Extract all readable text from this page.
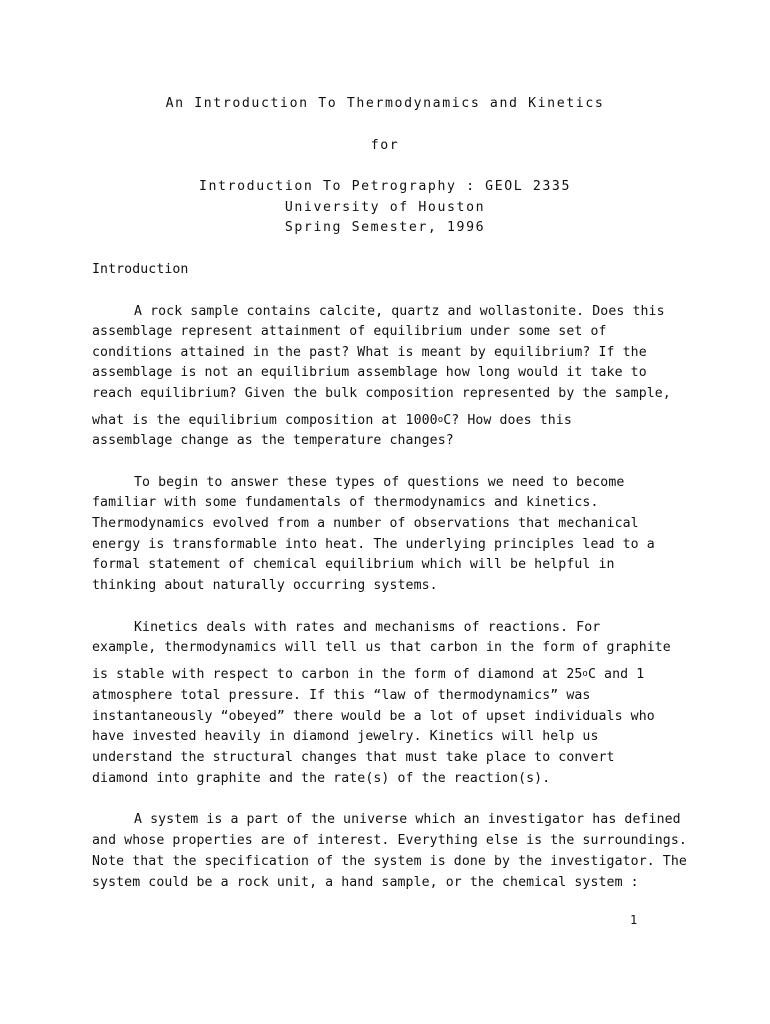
An Introduction To Thermodynamics and Kinetics
for
Introduction To Petrography : GEOL 2335
University of Houston
Spring Semester, 1996
Introduction
A rock sample contains calcite, quartz and wollastonite. Does this
assemblage represent attainment of equilibrium under some set of
conditions attained in the past? What is meant by equilibrium? If the
assemblage is not an equilibrium assemblage how long would it take to
reach equilibrium? Given the bulk composition represented by the sample,
what is the equilibrium composition at 1000$^o$C? How does this
assemblage change as the temperature changes?
To begin to answer these types of questions we need to become
familiar with some fundamentals of thermodynamics and kinetics.
Thermodynamics evolved from a number of observations that mechanical
energy is transformable into heat. The underlying principles lead to a
formal statement of chemical equilibrium which will be helpful in
thinking about naturally occurring systems.
Kinetics deals with rates and mechanisms of reactions. For
example, thermodynamics will tell us that carbon in the form of graphite
is stable with respect to carbon in the form of diamond at 25$^o$C and 1
atmosphere total pressure. If this “law of thermodynamics” was
instantaneously “obeyed” there would be a lot of upset individuals who
have invested heavily in diamond jewelry. Kinetics will help us
understand the structural changes that must take place to convert
diamond into graphite and the rate(s) of the reaction(s).
A system is a part of the universe which an investigator has defined
and whose properties are of interest. Everything else is the surroundings.
Note that the specification of the system is done by the investigator. The
system could be a rock unit, a hand sample, or the chemical system :
1
